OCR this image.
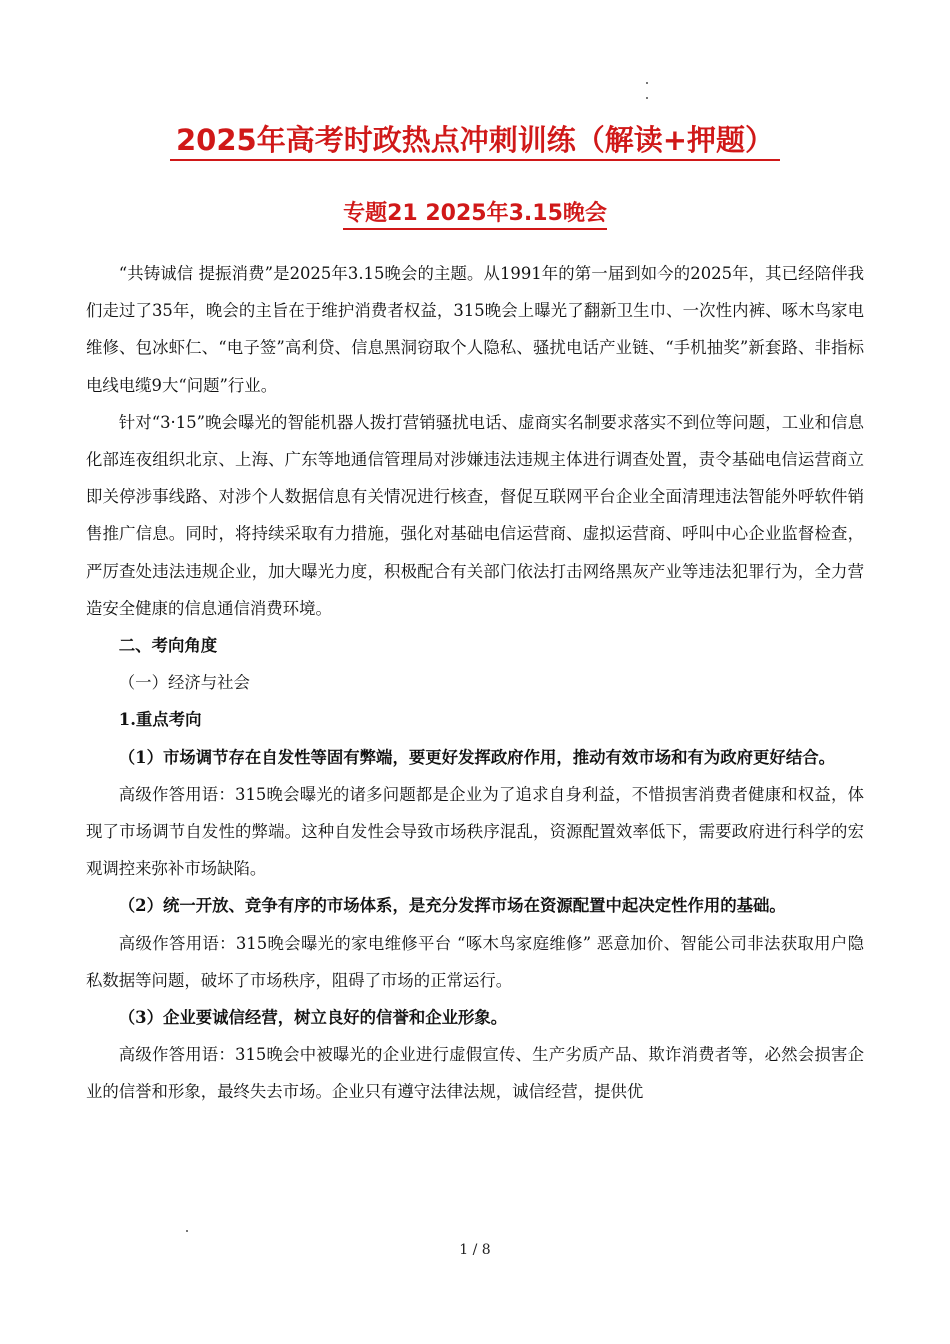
2025年高考时政热点冲刺训练（解读+押题）
专题21 2025年3.15晚会

“共铸诚信 提振消费”是2025年3.15晚会的主题。从1991年的第一届到如今的2025年，其已经陪伴我们走过了35年，晚会的主旨在于维护消费者权益，315晚会上曝光了翻新卫生巾、一次性内裤、啄木鸟家电维修、包冰虾仁、“电子签”高利贷、信息黑洞窃取个人隐私、骚扰电话产业链、“手机抽奖”新套路、非指标电线电缆9大“问题”行业。

针对“3·15”晚会曝光的智能机器人拨打营销骚扰电话、虚商实名制要求落实不到位等问题，工业和信息化部连夜组织北京、上海、广东等地通信管理局对涉嫌违法违规主体进行调查处置，责令基础电信运营商立即关停涉事线路、对涉个人数据信息有关情况进行核查，督促互联网平台企业全面清理违法智能外呼软件销售推广信息。同时，将持续采取有力措施，强化对基础电信运营商、虚拟运营商、呼叫中心企业监督检查，严厉查处违法违规企业，加大曝光力度，积极配合有关部门依法打击网络黑灰产业等违法犯罪行为，全力营造安全健康的信息通信消费环境。

二、考向角度

（一）经济与社会

1.重点考向

（1）市场调节存在自发性等固有弊端，要更好发挥政府作用，推动有效市场和有为政府更好结合。

高级作答用语：315晚会曝光的诸多问题都是企业为了追求自身利益，不惜损害消费者健康和权益，体现了市场调节自发性的弊端。这种自发性会导致市场秩序混乱，资源配置效率低下，需要政府进行科学的宏观调控来弥补市场缺陷。

（2）统一开放、竞争有序的市场体系，是充分发挥市场在资源配置中起决定性作用的基础。

高级作答用语：315晚会曝光的家电维修平台 “啄木鸟家庭维修” 恶意加价、智能公司非法获取用户隐私数据等问题，破坏了市场秩序，阻碍了市场的正常运行。

（3）企业要诚信经营，树立良好的信誉和企业形象。

高级作答用语：315晚会中被曝光的企业进行虚假宣传、生产劣质产品、欺诈消费者等，必然会损害企业的信誉和形象，最终失去市场。企业只有遵守法律法规，诚信经营，提供优

1 / 8
